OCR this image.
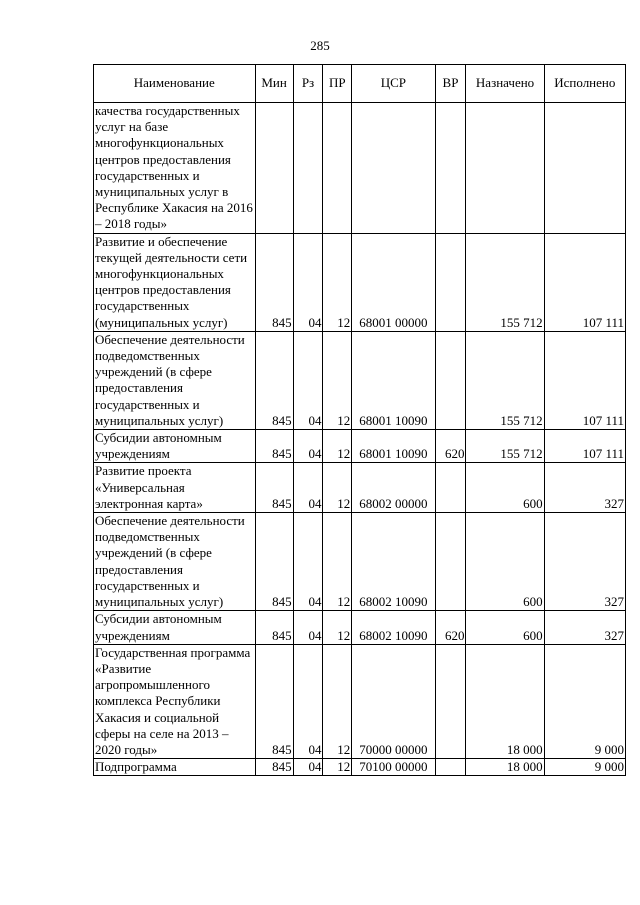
285
Наименование	Мин	Рз	ПР	ЦСР	ВР	Назначено	Исполнено
качества государственных услуг на базе многофункциональных центров предоставления государственных и муниципальных услуг в Республике Хакасия на 2016 – 2018 годы»							
Развитие и обеспечение текущей деятельности сети многофункциональных центров предоставления государственных (муниципальных услуг)	845	04	12	68001 00000		155 712	107 111
Обеспечение деятельности подведомственных учреждений (в сфере предоставления государственных и муниципальных услуг)	845	04	12	68001 10090		155 712	107 111
Субсидии автономным учреждениям	845	04	12	68001 10090	620	155 712	107 111
Развитие проекта «Универсальная электронная карта»	845	04	12	68002 00000		600	327
Обеспечение деятельности подведомственных учреждений (в сфере предоставления государственных и муниципальных услуг)	845	04	12	68002 10090		600	327
Субсидии автономным учреждениям	845	04	12	68002 10090	620	600	327
Государственная программа «Развитие агропромышленного комплекса Республики Хакасия и социальной сферы на селе на 2013 – 2020 годы»	845	04	12	70000 00000		18 000	9 000
Подпрограмма	845	04	12	70100 00000		18 000	9 000
